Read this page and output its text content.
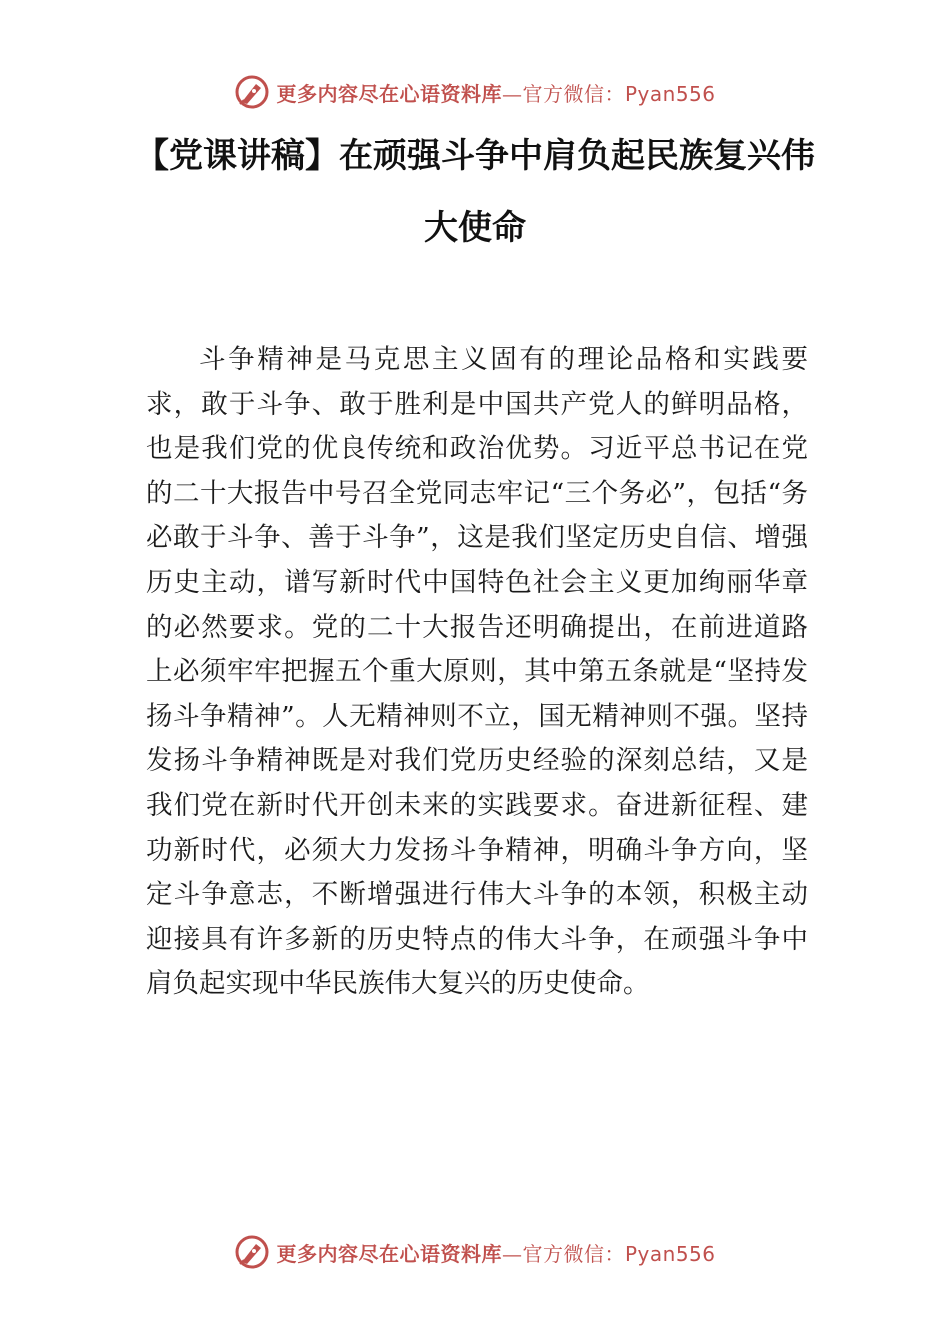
更多内容尽在心语资料库—官方微信：Pyan556
【党课讲稿】在顽强斗争中肩负起民族复兴伟
大使命

斗争精神是马克思主义固有的理论品格和实践要求，敢于斗争、敢于胜利是中国共产党人的鲜明品格，也是我们党的优良传统和政治优势。习近平总书记在党的二十大报告中号召全党同志牢记“三个务必”，包括“务必敢于斗争、善于斗争”，这是我们坚定历史自信、增强历史主动，谱写新时代中国特色社会主义更加绚丽华章的必然要求。党的二十大报告还明确提出，在前进道路上必须牢牢把握五个重大原则，其中第五条就是“坚持发扬斗争精神”。人无精神则不立，国无精神则不强。坚持发扬斗争精神既是对我们党历史经验的深刻总结，又是我们党在新时代开创未来的实践要求。奋进新征程、建功新时代，必须大力发扬斗争精神，明确斗争方向，坚定斗争意志，不断增强进行伟大斗争的本领，积极主动迎接具有许多新的历史特点的伟大斗争，在顽强斗争中肩负起实现中华民族伟大复兴的历史使命。

更多内容尽在心语资料库—官方微信：Pyan556
